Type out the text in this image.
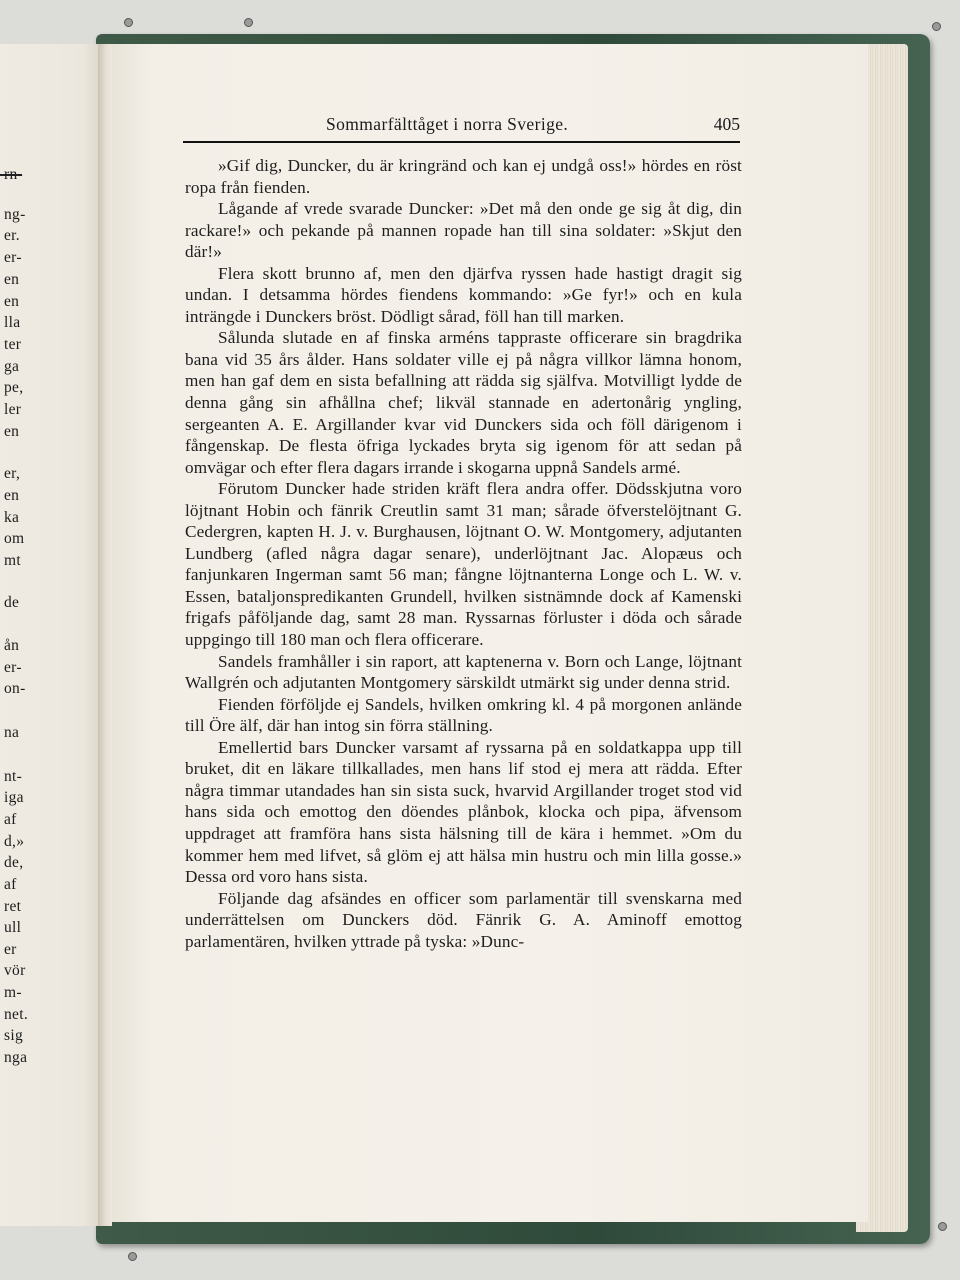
rn-
ng-
er.
er-
en
en
lla
ter
ga
pe,
ler
en
er,
en
ka
om
mt
de
ån
er-
on-
na
nt-
iga
af
d,»
de,
af
ret
ull
er
vör
m-
net.
sig
nga
Sommarfälttåget i norra Sverige.	405

»Gif dig, Duncker, du är kringränd och kan ej undgå oss!» hördes en röst ropa från fienden.

Lågande af vrede svarade Duncker: »Det må den onde ge sig åt dig, din rackare!» och pekande på mannen ropade han till sina soldater: »Skjut den där!»

Flera skott brunno af, men den djärfva ryssen hade hastigt dragit sig undan. I detsamma hördes fiendens kommando: »Ge fyr!» och en kula inträngde i Dunckers bröst. Dödligt sårad, föll han till marken.

Sålunda slutade en af finska arméns tappraste officerare sin bragdrika bana vid 35 års ålder. Hans soldater ville ej på några villkor lämna honom, men han gaf dem en sista befallning att rädda sig själfva. Motvilligt lydde de denna gång sin afhållna chef; likväl stannade en adertonårig yngling, sergeanten A. E. Argillander kvar vid Dunckers sida och föll därigenom i fångenskap. De flesta öfriga lyckades bryta sig igenom för att sedan på omvägar och efter flera dagars irrande i skogarna uppnå Sandels armé.

Förutom Duncker hade striden kräft flera andra offer. Dödsskjutna voro löjtnant Hobin och fänrik Creutlin samt 31 man; sårade öfverstelöjtnant G. Cedergren, kapten H. J. v. Burghausen, löjtnant O. W. Montgomery, adjutanten Lundberg (afled några dagar senare), underlöjtnant Jac. Alopæus och fanjunkaren Ingerman samt 56 man; fångne löjtnanterna Longe och L. W. v. Essen, bataljonspredikanten Grundell, hvilken sistnämnde dock af Kamenski frigafs påföljande dag, samt 28 man. Ryssarnas förluster i döda och sårade uppgingo till 180 man och flera officerare.

Sandels framhåller i sin raport, att kaptenerna v. Born och Lange, löjtnant Wallgrén och adjutanten Montgomery särskildt utmärkt sig under denna strid.

Fienden förföljde ej Sandels, hvilken omkring kl. 4 på morgonen anlände till Öre älf, där han intog sin förra ställning.

Emellertid bars Duncker varsamt af ryssarna på en soldatkappa upp till bruket, dit en läkare tillkallades, men hans lif stod ej mera att rädda. Efter några timmar utandades han sin sista suck, hvarvid Argillander troget stod vid hans sida och emottog den döendes plånbok, klocka och pipa, äfvensom uppdraget att framföra hans sista hälsning till de kära i hemmet. »Om du kommer hem med lifvet, så glöm ej att hälsa min hustru och min lilla gosse.» Dessa ord voro hans sista.

Följande dag afsändes en officer som parlamentär till svenskarna med underrättelsen om Dunckers död. Fänrik G. A. Aminoff emottog parlamentären, hvilken yttrade på tyska: »Dunc-
